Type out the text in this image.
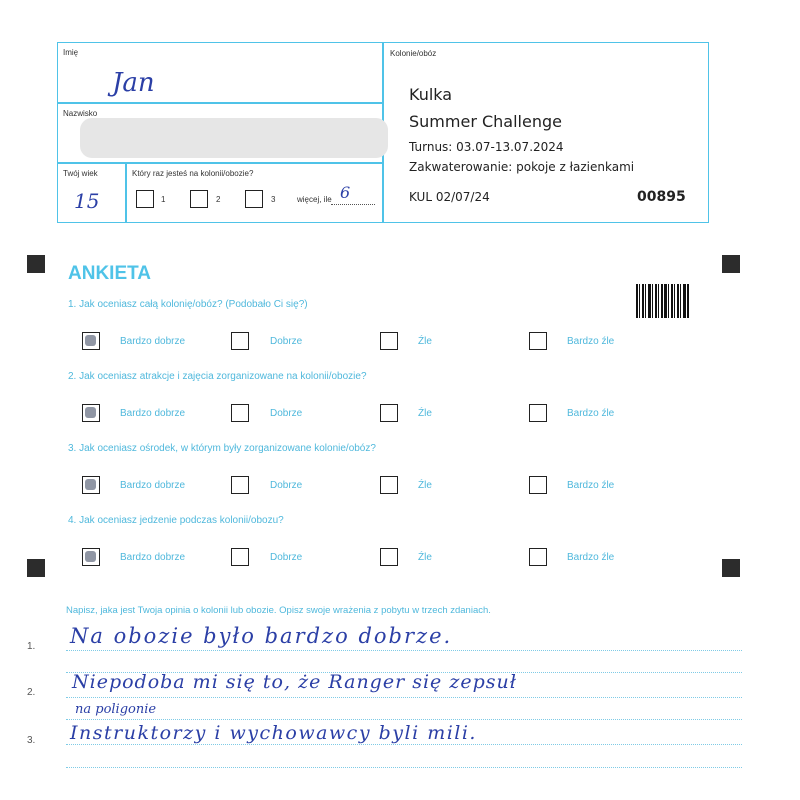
Imię
Jan
Nazwisko
Twój wiek
15
Który raz jesteś na kolonii/obozie?
1	2	3	więcej, ile 6
Kolonie/obóz
Kulka
Summer Challenge
Turnus: 03.07-13.07.2024
Zakwaterowanie: pokoje z łazienkami
KUL 02/07/24	00895
ANKIETA
1. Jak oceniasz całą kolonię/obóz? (Podobało Ci się?)
2. Jak oceniasz atrakcje i zajęcia zorganizowane na kolonii/obozie?
3. Jak oceniasz ośrodek, w którym były zorganizowane kolonie/obóz?
4. Jak oceniasz jedzenie podczas kolonii/obozu?
Bardzo dobrze	Dobrze	Źle	Bardzo źle
Bardzo dobrze	Dobrze	Źle	Bardzo źle
Bardzo dobrze	Dobrze	Źle	Bardzo źle
Bardzo dobrze	Dobrze	Źle	Bardzo źle
Napisz, jaka jest Twoja opinia o kolonii lub obozie. Opisz swoje wrażenia z pobytu w trzech zdaniach.
1. Na obozie było bardzo dobrze.
2. Niepodoba mi się to, że Ranger się zepsuł
na poligonie
3. Instruktorzy i wychowawcy byli mili.
